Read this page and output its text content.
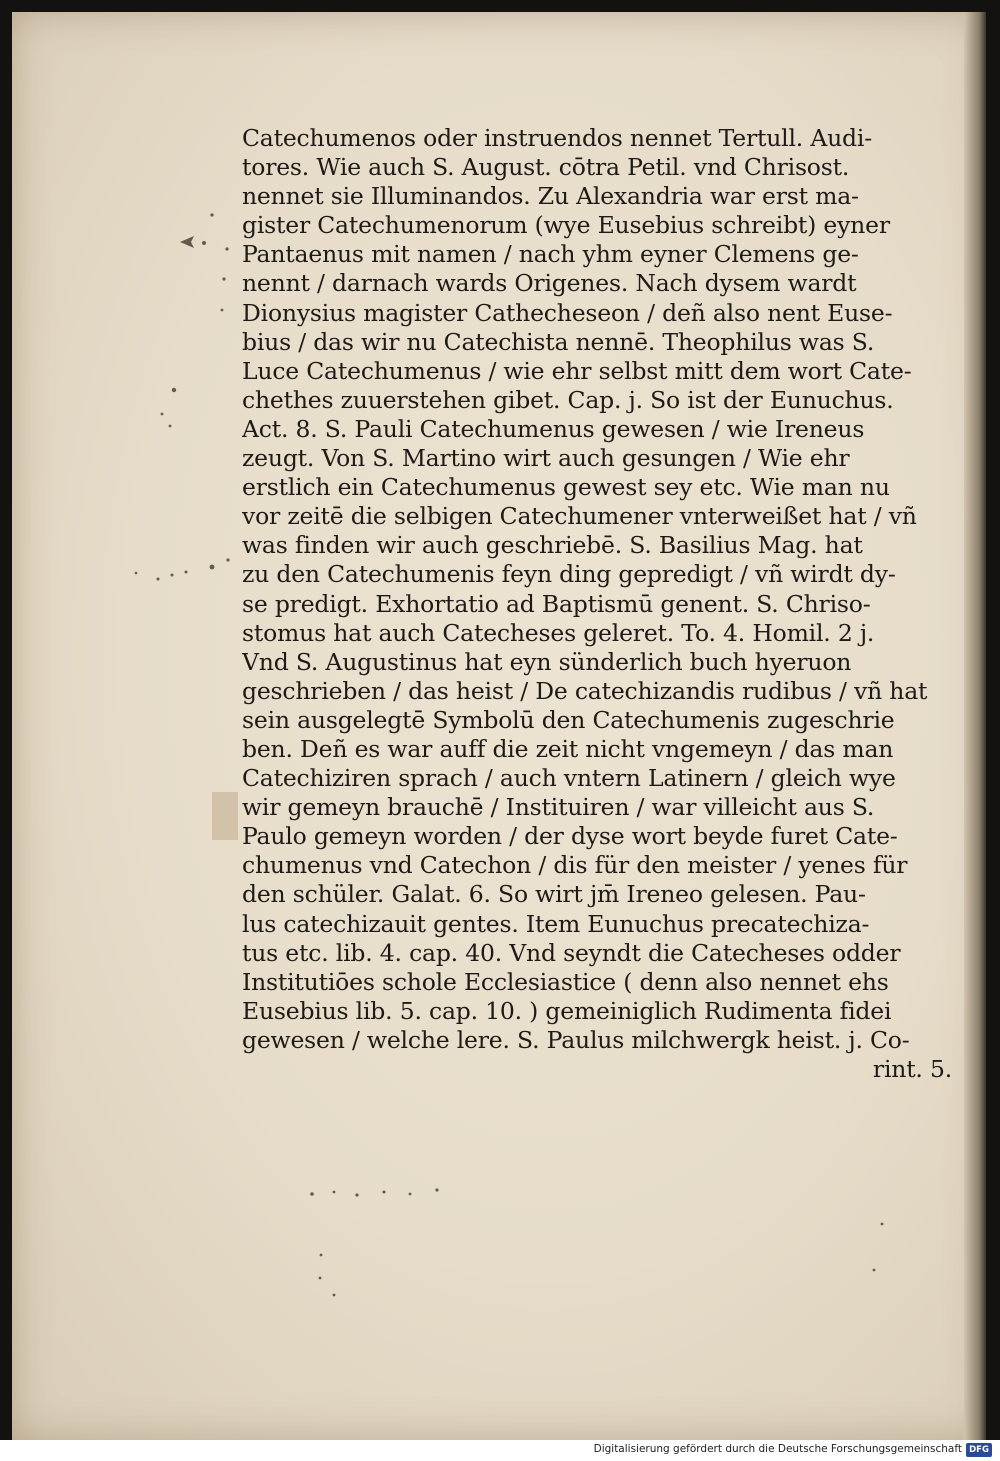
Catechumenos oder instruendos nennet Tertull. Audi-
tores. Wie auch S. August. cōtra Petil. vnd Chrisost.
nennet sie Illuminandos. Zu Alexandria war erst ma-
gister Catechumenorum (wye Eusebius schreibt) eyner
Pantaenus mit namen / nach yhm eyner Clemens ge-
nennt / darnach wards Origenes. Nach dysem wardt
Dionysius magister Cathecheseon / deñ also nent Euse-
bius / das wir nu Catechista nennē. Theophilus was S.
Luce Catechumenus / wie ehr selbst mitt dem wort Cate-
chethes zuuerstehen gibet. Cap. j. So ist der Eunuchus.
Act. 8. S. Pauli Catechumenus gewesen / wie Ireneus
zeugt. Von S. Martino wirt auch gesungen / Wie ehr
erstlich ein Catechumenus gewest sey etc. Wie man nu
vor zeitē die selbigen Catechumener vnterweißet hat / vñ
was finden wir auch geschriebē. S. Basilius Mag. hat
zu den Catechumenis feyn ding gepredigt / vñ wirdt dy-
se predigt. Exhortatio ad Baptismū genent. S. Chriso-
stomus hat auch Catecheses geleret. To. 4. Homil. 2 j.
Vnd S. Augustinus hat eyn sünderlich buch hyeruon
geschrieben / das heist / De catechizandis rudibus / vñ hat
sein ausgelegtē Symbolū den Catechumenis zugeschrie
ben. Deñ es war auff die zeit nicht vngemeyn / das man
Catechiziren sprach / auch vntern Latinern / gleich wye
wir gemeyn brauchē / Instituiren / war villeicht aus S.
Paulo gemeyn worden / der dyse wort beyde furet Cate-
chumenus vnd Catechon / dis für den meister / yenes für
den schüler. Galat. 6. So wirt jm̄ Ireneo gelesen. Pau-
lus catechizauit gentes. Item Eunuchus precatechiza-
tus etc. lib. 4. cap. 40. Vnd seyndt die Catecheses odder
Institutiōes schole Ecclesiastice ( denn also nennet ehs
Eusebius lib. 5. cap. 10. ) gemeiniglich Rudimenta fidei
gewesen / welche lere. S. Paulus milchwergk heist. j. Co-
rint. 5.
Digitalisierung gefördert durch die Deutsche Forschungsgemeinschaft DFG
